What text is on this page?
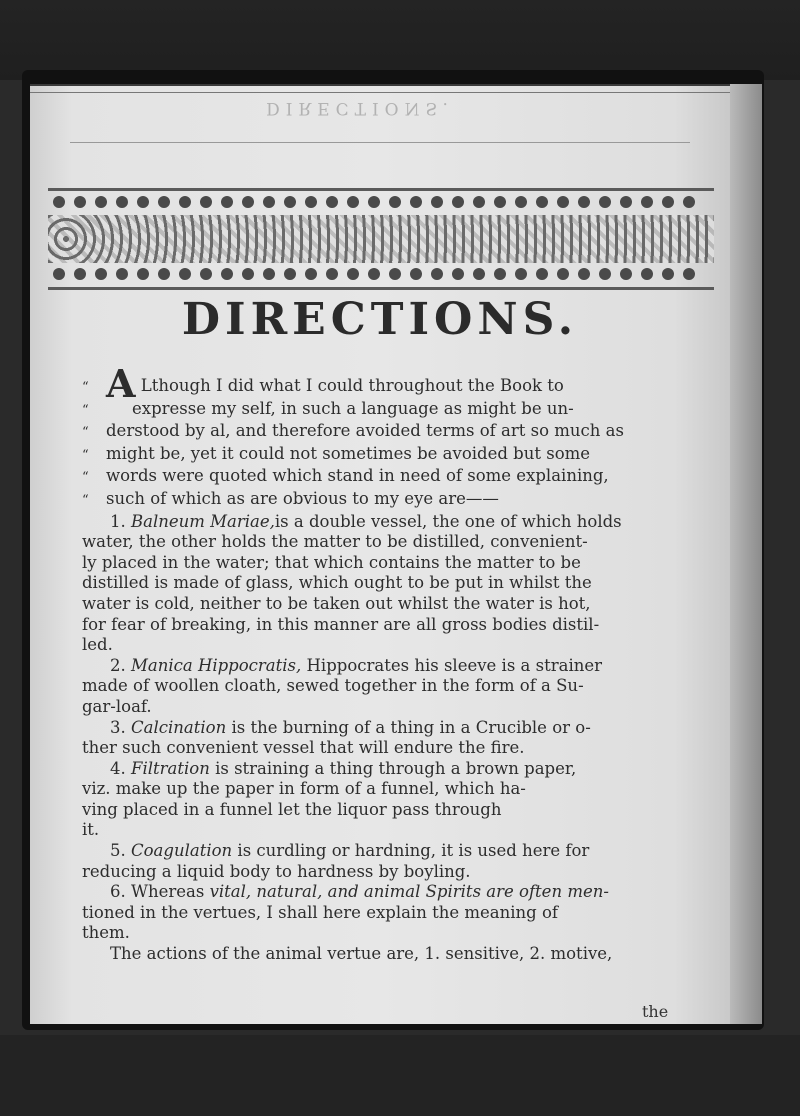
DIRECTIONS.
DIRECTIONS.

“ A Lthough I did what I could throughout the Book to

“	expresse my self, in such a language as might be un-

“ derstood by al, and therefore avoided terms of art so much as

“ might be, yet it could not sometimes be avoided but some

“ words were quoted which stand in need of some explaining,

“ such of which as are obvious to my eye are——

1. Balneum Mariae,is a double vessel, the one of which holds

water, the other holds the matter to be distilled, convenient-

ly placed in the water; that which contains the matter to be

distilled is made of glass, which ought to be put in whilst the

water is cold, neither to be taken out whilst the water is hot,

for fear of breaking, in this manner are all gross bodies distil-

led.

2. Manica Hippocratis, Hippocrates his sleeve is a strainer

made of woollen cloath, sewed together in the form of a Su-

gar-loaf.

3. Calcination is the burning of a thing in a Crucible or o-

ther such convenient vessel that will endure the fire.

4. Filtration is straining a thing through a brown paper,

viz. make up the paper in form of a funnel, which ha-

ving placed in a funnel let the liquor pass through

it.

5. Coagulation is curdling or hardning, it is used here for

reducing a liquid body to hardness by boyling.

6. Whereas vital, natural, and animal Spirits are often men-

tioned in the vertues, I shall here explain the meaning of

them.

The actions of the animal vertue are, 1. sensitive, 2. motive,

the
